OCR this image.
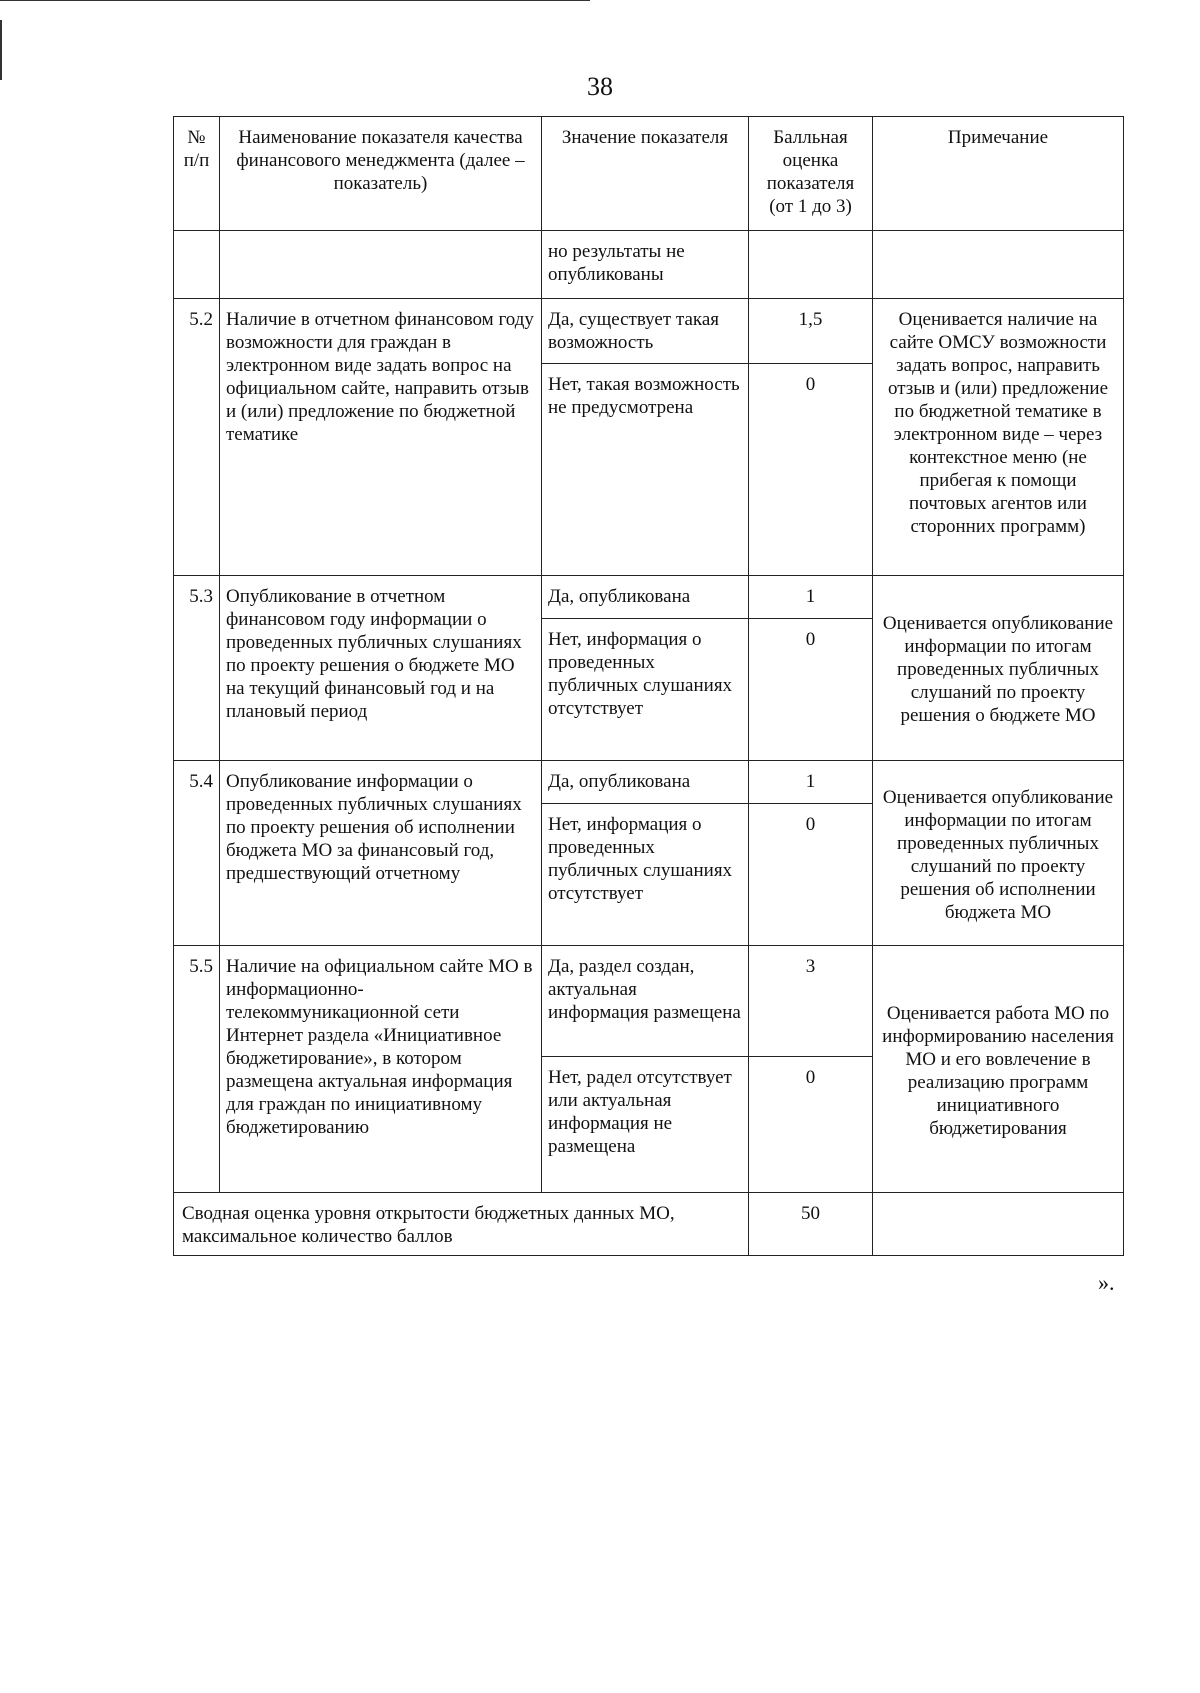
38
№ п/п	Наименование показателя качества финансового менеджмента (далее – показатель)	Значение показателя	Балльная оценка показателя (от 1 до 3)	Примечание
		но результаты не опубликованы		
5.2	Наличие в отчетном финансовом году возможности для граждан в электронном виде задать вопрос на официальном сайте, направить отзыв и (или) предложение по бюджетной тематике	Да, существует такая возможность	1,5	Оценивается наличие на сайте ОМСУ возможности задать вопрос, направить отзыв и (или) предложение по бюджетной тематике в электронном виде – через контекстное меню (не прибегая к помощи почтовых агентов или сторонних программ)
		Нет, такая возможность не предусмотрена	0	
5.3	Опубликование в отчетном финансовом году информации о проведенных публичных слушаниях по проекту решения о бюджете МО на текущий финансовый год и на плановый период	Да, опубликована	1	Оценивается опубликование информации по итогам проведенных публичных слушаний по проекту решения о бюджете МО
		Нет, информация о проведенных публичных слушаниях отсутствует	0	
5.4	Опубликование информации о проведенных публичных слушаниях по проекту решения об исполнении бюджета МО за финансовый год, предшествующий отчетному	Да, опубликована	1	Оценивается опубликование информации по итогам проведенных публичных слушаний по проекту решения об исполнении бюджета МО
		Нет, информация о проведенных публичных слушаниях отсутствует	0	
5.5	Наличие на официальном сайте МО в информационно-телекоммуникационной сети Интернет раздела «Инициативное бюджетирование», в котором размещена актуальная информация для граждан по инициативному бюджетированию	Да, раздел создан, актуальная информация размещена	3	Оценивается работа МО по информированию населения МО и его вовлечение в реализацию программ инициативного бюджетирования
		Нет, радел отсутствует или актуальная информация не размещена	0	
Сводная оценка уровня открытости бюджетных данных МО, максимальное количество баллов			50	
».
